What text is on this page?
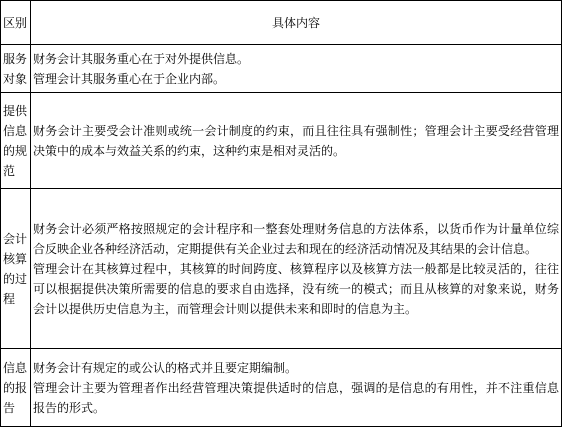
区别	具体内容
服务对象	财务会计其服务重心在于对外提供信息。
管理会计其服务重心在于企业内部。

提供信息的规范	财务会计主要受会计准则或统一会计制度的约束，而且往往具有强制性；管理会计主要受经营管理决策中的成本与效益关系的约束，这种约束是相对灵活的。

会计核算的过程	财务会计必须严格按照规定的会计程序和一整套处理财务信息的方法体系，以货币作为计量单位综合反映企业各种经济活动，定期提供有关企业过去和现在的经济活动情况及其结果的会计信息。
管理会计在其核算过程中，其核算的时间跨度、核算程序以及核算方法一般都是比较灵活的，往往可以根据提供决策所需要的信息的要求自由选择，没有统一的模式；而且从核算的对象来说，财务会计以提供历史信息为主，而管理会计则以提供未来和即时的信息为主。

信息的报告	财务会计有规定的或公认的格式并且要定期编制。
管理会计主要为管理者作出经营管理决策提供适时的信息，强调的是信息的有用性，并不注重信息报告的形式。
